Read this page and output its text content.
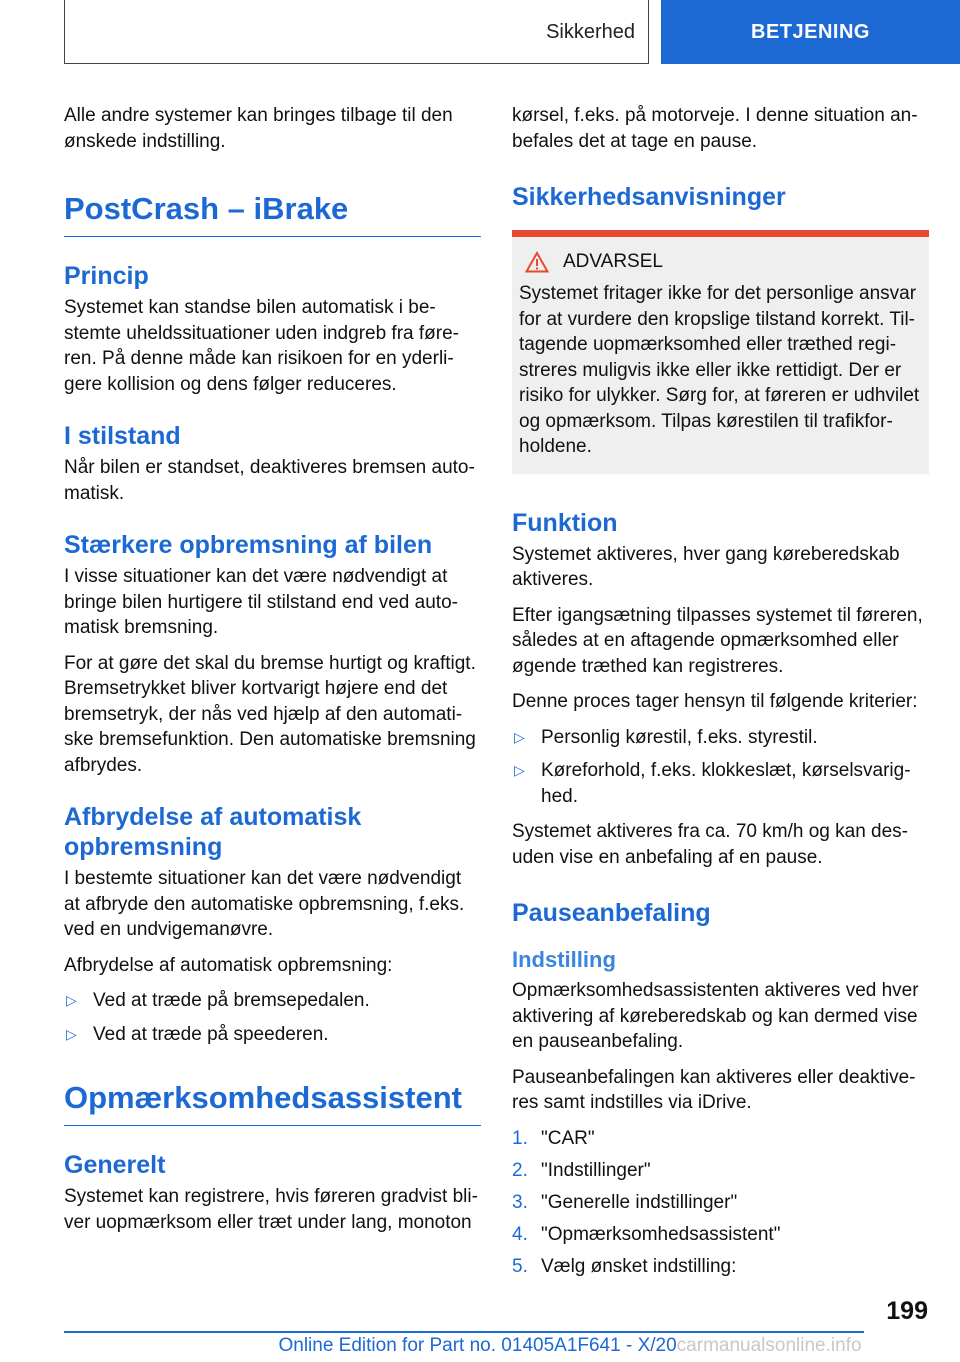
Sikkerhed	BETJENING

Alle andre systemer kan bringes tilbage til den ønskede indstilling.

PostCrash – iBrake
Princip

Systemet kan standse bilen automatisk i be- stemte uheldssituationer uden indgreb fra føre- ren. På denne måde kan risikoen for en yderli- gere kollision og dens følger reduceres.

I stilstand

Når bilen er standset, deaktiveres bremsen auto- matisk.

Stærkere opbremsning af bilen

I visse situationer kan det være nødvendigt at bringe bilen hurtigere til stilstand end ved auto- matisk bremsning.

For at gøre det skal du bremse hurtigt og kraftigt. Bremsetrykket bliver kortvarigt højere end det bremsetryk, der nås ved hjælp af den automati- ske bremsefunktion. Den automatiske bremsning afbrydes.

Afbrydelse af automatisk opbremsning

I bestemte situationer kan det være nødvendigt at afbryde den automatiske opbremsning, f.eks. ved en undvigemanøvre.

Afbrydelse af automatisk opbremsning:

▷ Ved at træde på bremsepedalen.
▷ Ved at træde på speederen.
Opmærksomhedsassistent
Generelt

Systemet kan registrere, hvis føreren gradvist bli- ver uopmærksom eller træt under lang, monoton

kørsel, f.eks. på motorveje. I denne situation an- befales det at tage en pause.

Sikkerhedsanvisninger
ADVARSEL

Systemet fritager ikke for det personlige ansvar for at vurdere den kropslige tilstand korrekt. Til- tagende uopmærksomhed eller træthed regi- streres muligvis ikke eller ikke rettidigt. Der er risiko for ulykker. Sørg for, at føreren er udhvilet og opmærksom. Tilpas kørestilen til trafikfor- holdene.

Funktion

Systemet aktiveres, hver gang køreberedskab aktiveres.

Efter igangsætning tilpasses systemet til føreren, således at en aftagende opmærksomhed eller øgende træthed kan registreres.

Denne proces tager hensyn til følgende kriterier:

▷ Personlig kørestil, f.eks. styrestil.
▷ Køreforhold, f.eks. klokkeslæt, kørselsvarig- hed.

Systemet aktiveres fra ca. 70 km/h og kan des- uden vise en anbefaling af en pause.

Pauseanbefaling
Indstilling

Opmærksomhedsassistenten aktiveres ved hver aktivering af køreberedskab og kan dermed vise en pauseanbefaling.

Pauseanbefalingen kan aktiveres eller deaktive- res samt indstilles via iDrive.

1. "CAR"
2. "Indstillinger"
3. "Generelle indstillinger"
4. "Opmærksomhedsassistent"
5. Vælg ønsket indstilling:
199
Online Edition for Part no. 01405A1F641 - X/20carmanualsonline.info
